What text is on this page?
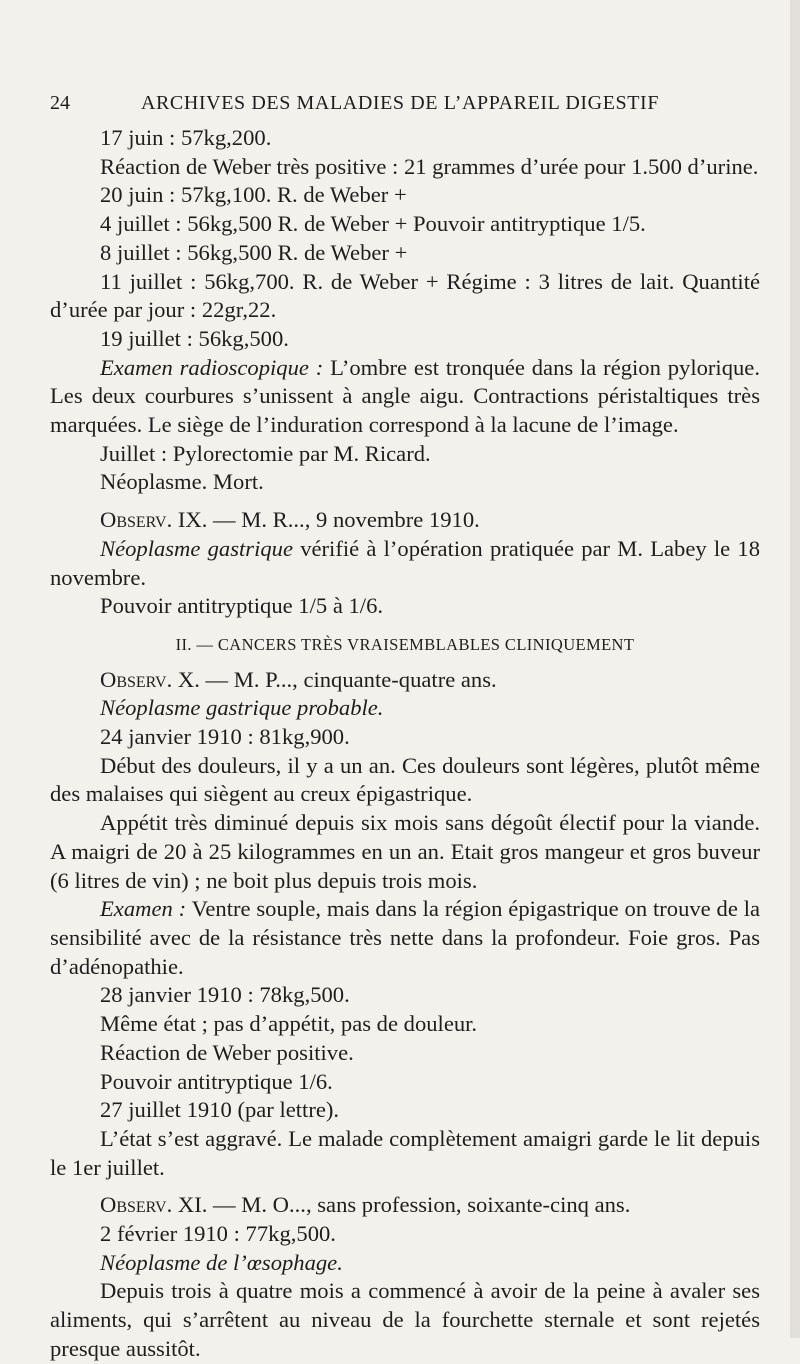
24	ARCHIVES DES MALADIES DE L’APPAREIL DIGESTIF

17 juin : 57kg,200.

Réaction de Weber très positive : 21 grammes d’urée pour 1.500 d’urine.

20 juin : 57kg,100. R. de Weber +

4 juillet : 56kg,500 R. de Weber + Pouvoir antitryptique 1/5.

8 juillet : 56kg,500 R. de Weber +

11 juillet : 56kg,700. R. de Weber + Régime : 3 litres de lait. Quantité d’urée par jour : 22gr,22.

19 juillet : 56kg,500.

Examen radioscopique : L’ombre est tronquée dans la région pylorique. Les deux courbures s’unissent à angle aigu. Contractions péristaltiques très marquées. Le siège de l’induration correspond à la lacune de l’image.

Juillet : Pylorectomie par M. Ricard.

Néoplasme. Mort.

Observ. IX. — M. R..., 9 novembre 1910.

Néoplasme gastrique vérifié à l’opération pratiquée par M. Labey le 18 novembre.

Pouvoir antitryptique 1/5 à 1/6.

II. — CANCERS TRÈS VRAISEMBLABLES CLINIQUEMENT

Observ. X. — M. P..., cinquante-quatre ans.

Néoplasme gastrique probable.

24 janvier 1910 : 81kg,900.

Début des douleurs, il y a un an. Ces douleurs sont légères, plutôt même des malaises qui siègent au creux épigastrique.

Appétit très diminué depuis six mois sans dégoût électif pour la viande. A maigri de 20 à 25 kilogrammes en un an. Etait gros mangeur et gros buveur (6 litres de vin) ; ne boit plus depuis trois mois.

Examen : Ventre souple, mais dans la région épigastrique on trouve de la sensibilité avec de la résistance très nette dans la profondeur. Foie gros. Pas d’adénopathie.

28 janvier 1910 : 78kg,500.

Même état ; pas d’appétit, pas de douleur.

Réaction de Weber positive.

Pouvoir antitryptique 1/6.

27 juillet 1910 (par lettre).

L’état s’est aggravé. Le malade complètement amaigri garde le lit depuis le 1er juillet.

Observ. XI. — M. O..., sans profession, soixante-cinq ans.

2 février 1910 : 77kg,500.

Néoplasme de l’œsophage.

Depuis trois à quatre mois a commencé à avoir de la peine à avaler ses aliments, qui s’arrêtent au niveau de la fourchette sternale et sont rejetés presque aussitôt.
